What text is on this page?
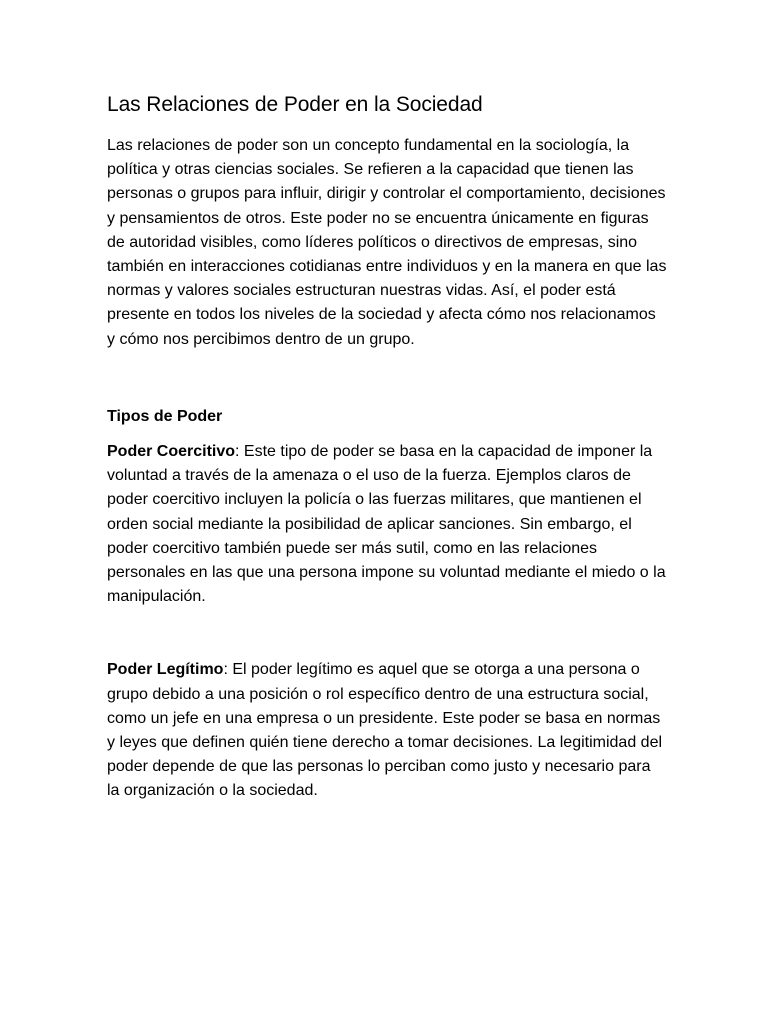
Las Relaciones de Poder en la Sociedad

Las relaciones de poder son un concepto fundamental en la sociología, la política y otras ciencias sociales. Se refieren a la capacidad que tienen las personas o grupos para influir, dirigir y controlar el comportamiento, decisiones y pensamientos de otros. Este poder no se encuentra únicamente en figuras de autoridad visibles, como líderes políticos o directivos de empresas, sino también en interacciones cotidianas entre individuos y en la manera en que las normas y valores sociales estructuran nuestras vidas. Así, el poder está presente en todos los niveles de la sociedad y afecta cómo nos relacionamos y cómo nos percibimos dentro de un grupo.

Tipos de Poder

Poder Coercitivo: Este tipo de poder se basa en la capacidad de imponer la voluntad a través de la amenaza o el uso de la fuerza. Ejemplos claros de poder coercitivo incluyen la policía o las fuerzas militares, que mantienen el orden social mediante la posibilidad de aplicar sanciones. Sin embargo, el poder coercitivo también puede ser más sutil, como en las relaciones personales en las que una persona impone su voluntad mediante el miedo o la manipulación.

Poder Legítimo: El poder legítimo es aquel que se otorga a una persona o grupo debido a una posición o rol específico dentro de una estructura social, como un jefe en una empresa o un presidente. Este poder se basa en normas y leyes que definen quién tiene derecho a tomar decisiones. La legitimidad del poder depende de que las personas lo perciban como justo y necesario para la organización o la sociedad.
